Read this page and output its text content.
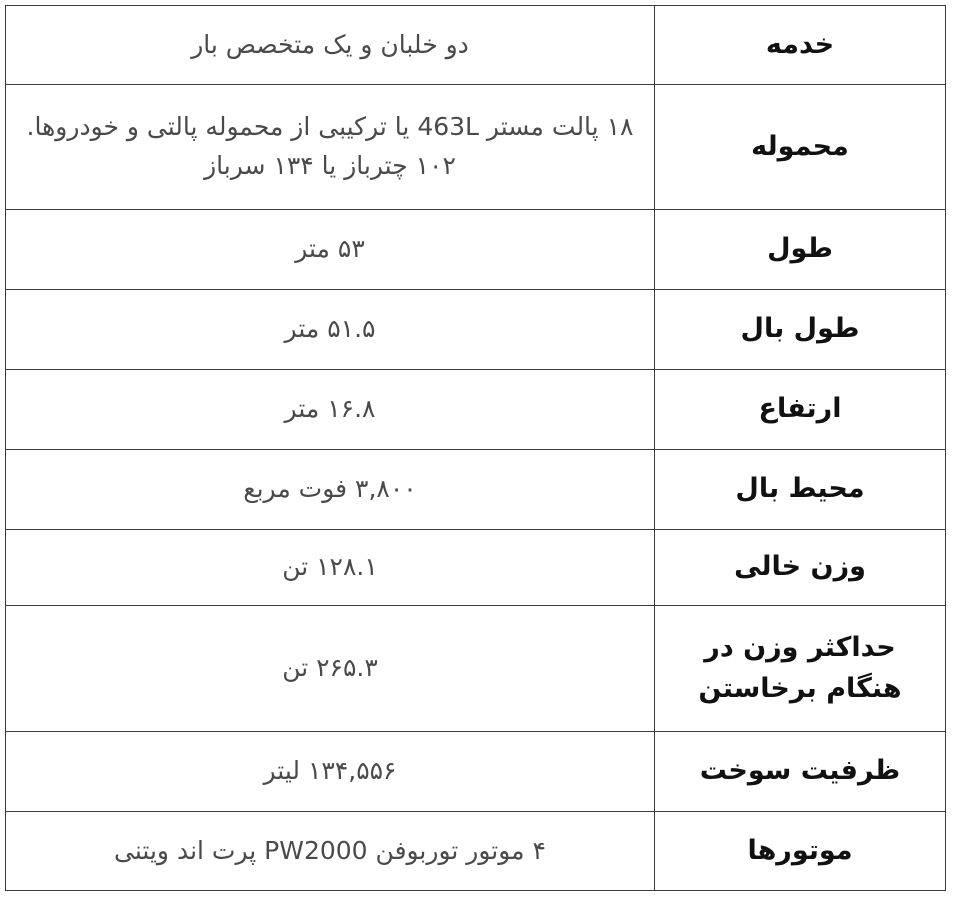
خدمه	دو خلبان و یک متخصص بار
محموله	۱۸ پالت مستر 463L یا ترکیبی از محموله پالتی و خودروها. ۱۰۲ چترباز یا ۱۳۴ سرباز
طول	۵۳ متر
طول بال	۵۱.۵ متر
ارتفاع	۱۶.۸ متر
محیط بال	۳,۸۰۰ فوت مربع
وزن خالی	۱۲۸.۱ تن
حداکثر وزن در هنگام برخاستن	۲۶۵.۳ تن
ظرفیت سوخت	۱۳۴,۵۵۶ لیتر
موتورها	۴ موتور توربوفن PW2000 پرت اند ویتنی
